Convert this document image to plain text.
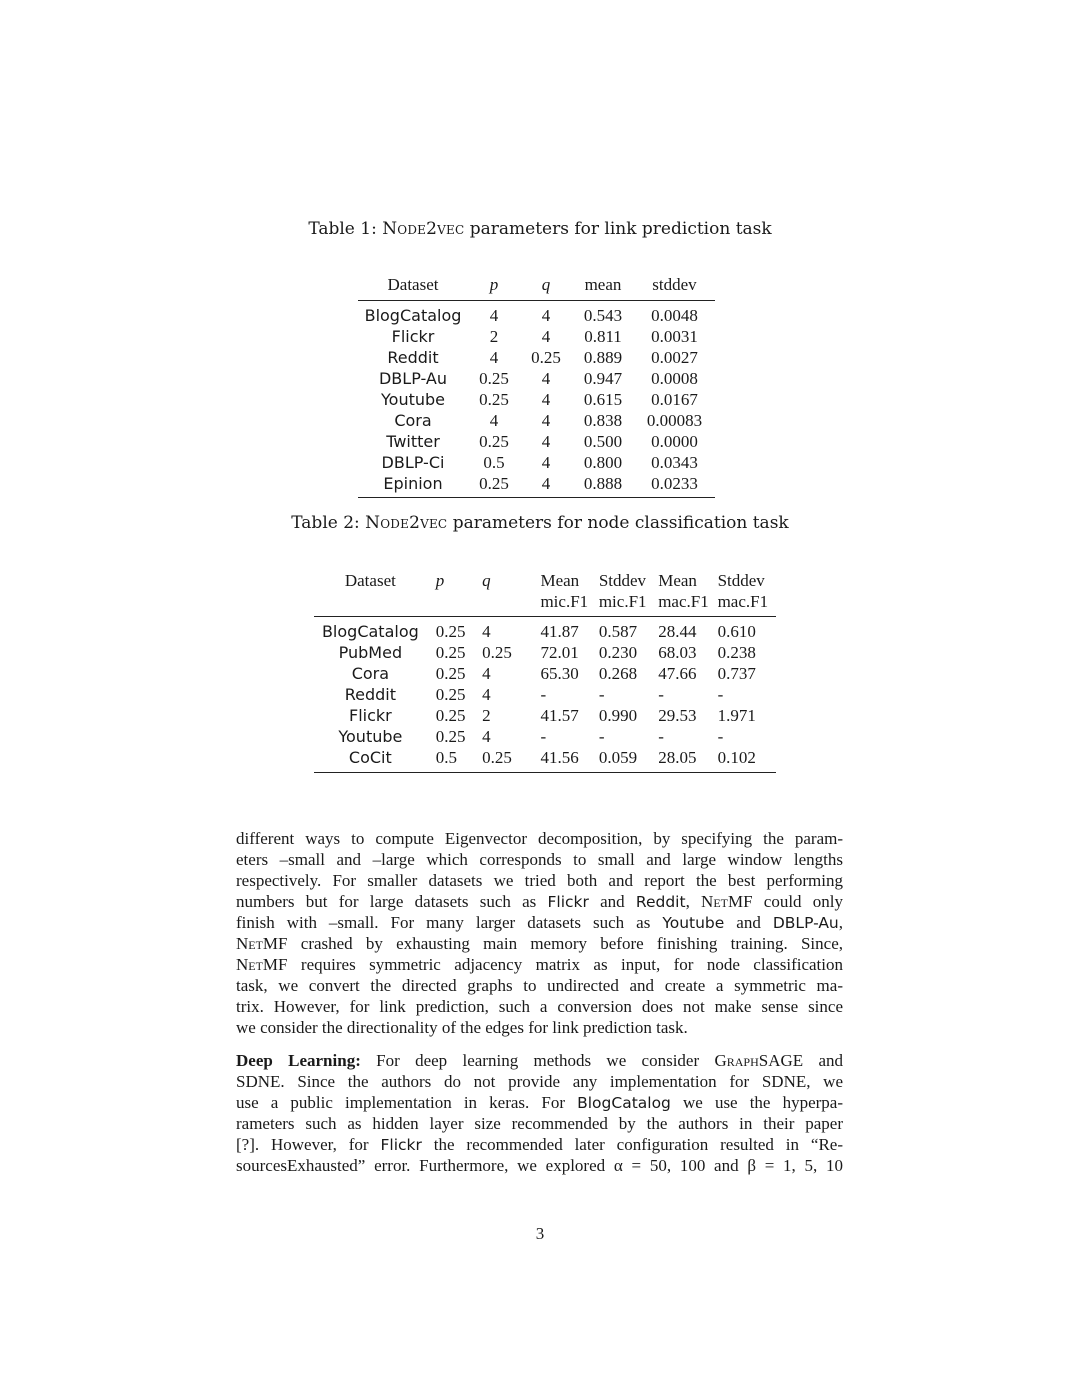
Table 1: Node2vec parameters for link prediction task
Dataset	p	q	mean	stddev
BlogCatalog	4	4	0.543	0.0048
Flickr	2	4	0.811	0.0031
Reddit	4	0.25	0.889	0.0027
DBLP-Au	0.25	4	0.947	0.0008
Youtube	0.25	4	0.615	0.0167
Cora	4	4	0.838	0.00083
Twitter	0.25	4	0.500	0.0000
DBLP-Ci	0.5	4	0.800	0.0343
Epinion	0.25	4	0.888	0.0233
Table 2: Node2vec parameters for node classification task
Dataset	p	q	Mean	Stddev	Mean	Stddev
			mic.F1	mic.F1	mac.F1	mac.F1
BlogCatalog	0.25	4	41.87	0.587	28.44	0.610
PubMed	0.25	0.25	72.01	0.230	68.03	0.238
Cora	0.25	4	65.30	0.268	47.66	0.737
Reddit	0.25	4	-	-	-	-
Flickr	0.25	2	41.57	0.990	29.53	1.971
Youtube	0.25	4	-	-	-	-
CoCit	0.5	0.25	41.56	0.059	28.05	0.102
different ways to compute Eigenvector decomposition, by specifying the param-
eters –small and –large which corresponds to small and large window lengths
respectively. For smaller datasets we tried both and report the best performing
numbers but for large datasets such as Flickr and Reddit, NetMF could only
finish with –small. For many larger datasets such as Youtube and DBLP-Au,
NetMF crashed by exhausting main memory before finishing training. Since,
NetMF requires symmetric adjacency matrix as input, for node classification
task, we convert the directed graphs to undirected and create a symmetric ma-
trix. However, for link prediction, such a conversion does not make sense since
we consider the directionality of the edges for link prediction task.
Deep Learning: For deep learning methods we consider GraphSAGE and
SDNE. Since the authors do not provide any implementation for SDNE, we
use a public implementation in keras. For BlogCatalog we use the hyperpa-
rameters such as hidden layer size recommended by the authors in their paper
[?]. However, for Flickr the recommended later configuration resulted in “Re-
sourcesExhausted” error. Furthermore, we explored α = 50, 100 and β = 1, 5, 10
3
